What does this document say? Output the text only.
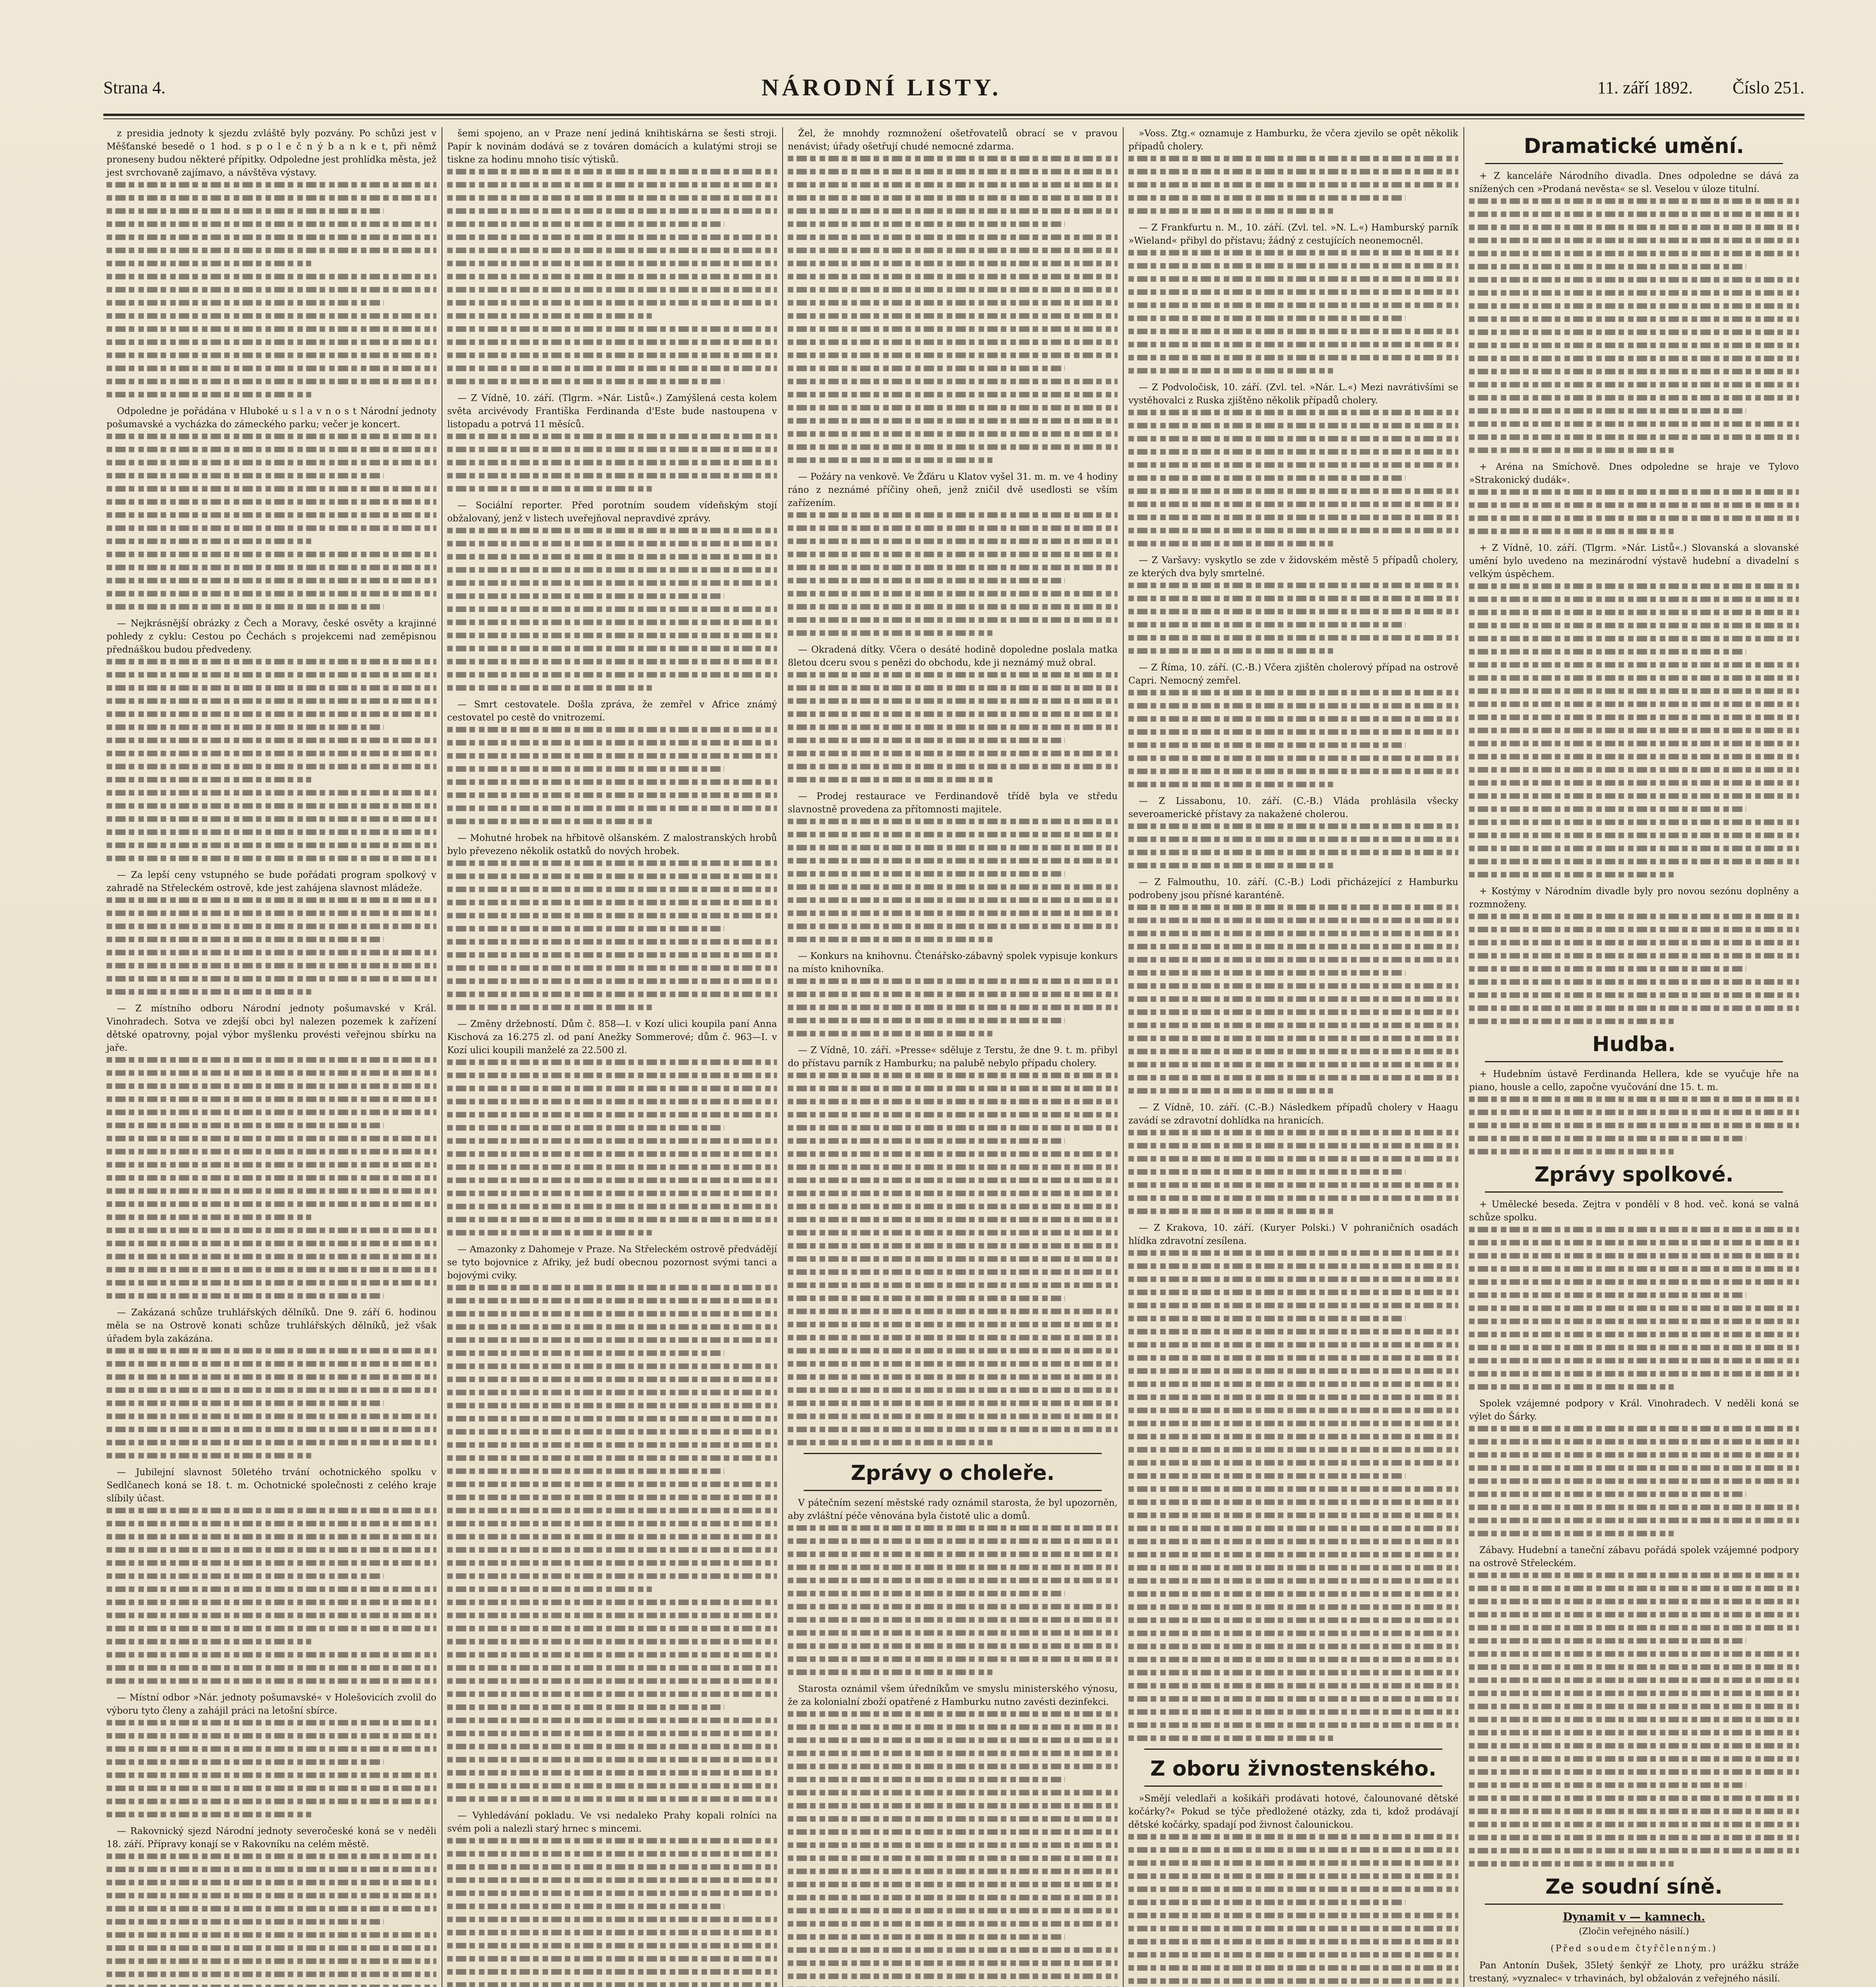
Strana 4.	NÁRODNÍ LISTY.	11. září 1892. Číslo 251.

z presidia jednoty k sjezdu zvláště byly pozvány. Po schůzi jest v Měšťanské besedě o 1 hod. s p o l e č n ý b a n k e t, při němž proneseny budou některé přípitky. Odpoledne jest prohlídka města, jež jest svrchovaně zajímavo, a návštěva výstavy.

Odpoledne je pořádána v Hluboké u s l a v n o s t Národní jednoty pošumavské a vycházka do zámeckého parku; večer je koncert.

— Nejkrásnější obrázky z Čech a Moravy, české osvěty a krajinné pohledy z cyklu: Cestou po Čechách s projekcemi nad zeměpisnou přednáškou budou předvedeny.

— Za lepší ceny vstupného se bude pořádati program spolkový v zahradě na Střeleckém ostrově, kde jest zahájena slavnost mládeže.

— Z místního odboru Národní jednoty pošumavské v Král. Vinohradech. Sotva ve zdejší obci byl nalezen pozemek k zařízení dětské opatrovny, pojal výbor myšlenku provésti veřejnou sbírku na jaře.

— Zakázaná schůze truhlářských dělníků. Dne 9. září 6. hodinou měla se na Ostrově konati schůze truhlářských dělníků, jež však úřadem byla zakázána.

— Jubilejní slavnost 50letého trvání ochotnického spolku v Sedlčanech koná se 18. t. m. Ochotnické společnosti z celého kraje slíbily účast.

— Místní odbor »Nár. jednoty pošumavské« v Holešovicích zvolil do výboru tyto členy a zahájil práci na letošní sbírce.

— Rakovnický sjezd Národní jednoty severočeské koná se v neděli 18. září. Přípravy konají se v Rakovníku na celém městě.

šemi spojeno, an v Praze není jediná knihtiskárna se šesti stroji. Papír k novinám dodává se z továren domácích a kulatými stroji se tiskne za hodinu mnoho tisíc výtisků.

— Z Vídně, 10. září. (Tlgrm. »Nár. Listů«.) Zamýšlená cesta kolem světa arcivévody Františka Ferdinanda d'Este bude nastoupena v listopadu a potrvá 11 měsíců.

— Sociální reporter. Před porotním soudem vídeňským stojí obžalovaný, jenž v listech uveřejňoval nepravdivé zprávy.

— Smrt cestovatele. Došla zpráva, že zemřel v Africe známý cestovatel po cestě do vnitrozemí.

— Mohutné hrobek na hřbitově olšanském. Z malostranských hrobů bylo převezeno několik ostatků do nových hrobek.

— Změny držebností. Dům č. 858—I. v Kozí ulici koupila paní Anna Kischová za 16.275 zl. od paní Anežky Sommerové; dům č. 963—I. v Kozí ulici koupili manželé za 22.500 zl.

— Amazonky z Dahomeje v Praze. Na Střeleckém ostrově předvádějí se tyto bojovnice z Afriky, jež budí obecnou pozornost svými tanci a bojovými cviky.

— Vyhledávání pokladu. Ve vsi nedaleko Prahy kopali rolníci na svém poli a nalezli starý hrnec s mincemi.

Žel, že mnohdy rozmnožení ošetřovatelů obrací se v pravou nenávist; úřady ošetřují chudé nemocné zdarma.

— Požáry na venkově. Ve Žďáru u Klatov vyšel 31. m. m. ve 4 hodiny ráno z neznámé příčiny oheň, jenž zničil dvě usedlosti se vším zařízením.

— Okradená dítky. Včera o desáté hodině dopoledne poslala matka 8letou dceru svou s penězi do obchodu, kde ji neznámý muž obral.

— Prodej restaurace ve Ferdinandově třídě byla ve středu slavnostně provedena za přítomnosti majitele.

— Konkurs na knihovnu. Čtenářsko-zábavný spolek vypisuje konkurs na místo knihovníka.

— Z Vídně, 10. září. »Presse« sděluje z Terstu, že dne 9. t. m. přibyl do přístavu parník z Hamburku; na palubě nebylo případu cholery.

Zprávy o choleře.

V pátečním sezení městské rady oznámil starosta, že byl upozorněn, aby zvláštní péče věnována byla čistotě ulic a domů.

Starosta oznámil všem úředníkům ve smyslu ministerského výnosu, že za kolonialní zboží opatřené z Hamburku nutno zavésti dezinfekci.

»Voss. Ztg.« oznamuje z Hamburku, že včera zjevilo se opět několik případů cholery.

— Z Frankfurtu n. M., 10. září. (Zvl. tel. »N. L.«) Hamburský parník »Wieland« přibyl do přístavu; žádný z cestujících neonemocněl.

— Z Podvoločisk, 10. září. (Zvl. tel. »Nár. L.«) Mezi navrátivšími se vystěhovalci z Ruska zjištěno několik případů cholery.

— Z Varšavy: vyskytlo se zde v židovském městě 5 případů cholery, ze kterých dva byly smrtelné.

— Z Říma, 10. září. (C.-B.) Včera zjištěn cholerový případ na ostrově Capri. Nemocný zemřel.

— Z Lissabonu, 10. září. (C.-B.) Vláda prohlásila všecky severoamerické přístavy za nakažené cholerou.

— Z Falmouthu, 10. září. (C.-B.) Lodi přicházející z Hamburku podrobeny jsou přísné karanténě.

— Z Vídně, 10. září. (C.-B.) Následkem případů cholery v Haagu zavádí se zdravotní dohlídka na hranicích.

— Z Krakova, 10. září. (Kuryer Polski.) V pohraničních osadách hlídka zdravotní zesílena.

Z oboru živnostenského.

»Smějí veledlaři a košikáři prodávati hotové, čalounované dětské kočárky?« Pokud se týče předložené otázky, zda ti, kdož prodávají dětské kočárky, spadají pod živnost čalounickou.

Dramatické umění.

+ Z kanceláře Národního divadla. Dnes odpoledne se dává za snížených cen »Prodaná nevěsta« se sl. Veselou v úloze titulní.

+ Aréna na Smíchově. Dnes odpoledne se hraje ve Tylovo »Strakonický dudák«.

+ Z Vídně, 10. září. (Tlgrm. »Nár. Listů«.) Slovanská a slovanské umění bylo uvedeno na mezinárodní výstavě hudební a divadelní s velkým úspěchem.

+ Kostýmy v Národním divadle byly pro novou sezónu doplněny a rozmnoženy.

Hudba.

+ Hudebním ústavě Ferdinanda Hellera, kde se vyučuje hře na piano, housle a cello, započne vyučování dne 15. t. m.

Zprávy spolkové.

+ Umělecké beseda. Zejtra v pondělí v 8 hod. več. koná se valná schůze spolku.

Spolek vzájemné podpory v Král. Vinohradech. V neděli koná se výlet do Šárky.

Zábavy. Hudební a taneční zábavu pořádá spolek vzájemné podpory na ostrově Střeleckém.

Ze soudní síně.
Dynamit v — kamnech.
(Zločin veřejného násilí.)
(Před soudem čtyřčlenným.)

Pan Antonín Dušek, 35letý šenkýř ze Lhoty, pro urážku stráže trestaný, »vyznalec« v trhavinách, byl obžalován z veřejného násilí.
